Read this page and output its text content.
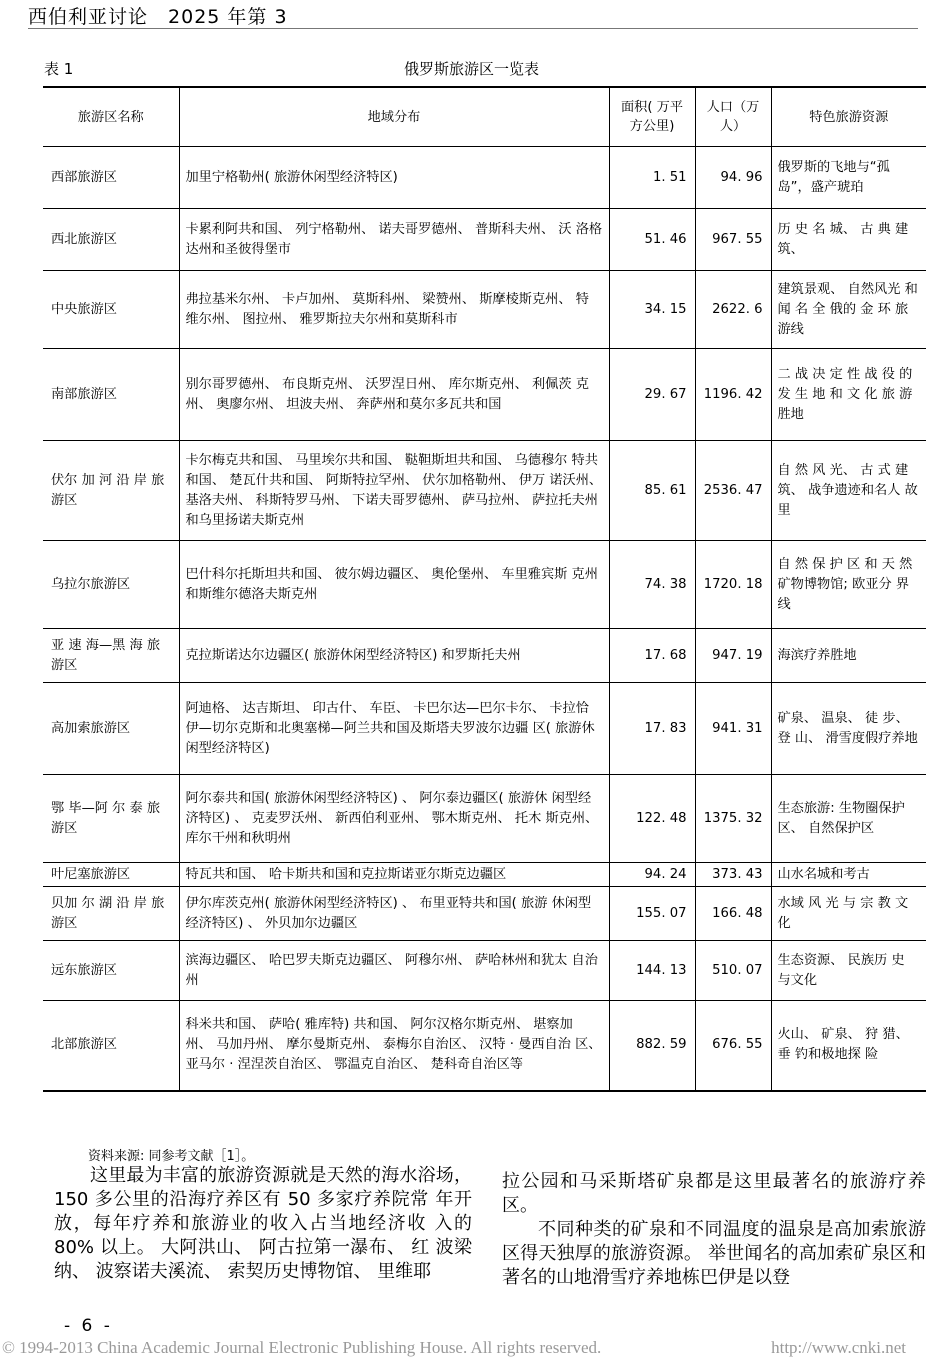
西伯利亚讨论 2025 年第 3
表 1	俄罗斯旅游区一览表
旅游区名称	地域分布	面积( 万平方公里)	人口（万人）	特色旅游资源
西部旅游区	加里宁格勒州( 旅游休闲型经济特区)	1. 51	94. 96	俄罗斯的飞地与“孤岛”，盛产琥珀
西北旅游区	卡累利阿共和国、 列宁格勒州、 诺夫哥罗德州、 普斯科夫州、 沃 洛格达州和圣彼得堡市	51. 46	967. 55	历 史 名 城、 古 典 建 筑、
中央旅游区	弗拉基米尔州、 卡卢加州、 莫斯科州、 梁赞州、 斯摩棱斯克州、 特 维尔州、 图拉州、 雅罗斯拉夫尔州和莫斯科市	34. 15	2622. 6	建筑景观、 自然风光 和 闻 名 全 俄的 金 环 旅游线
南部旅游区	别尔哥罗德州、 布良斯克州、 沃罗涅日州、 库尔斯克州、 利佩茨 克州、 奥廖尔州、 坦波夫州、 奔萨州和莫尔多瓦共和国	29. 67	1196. 42	二 战 决 定 性 战 役 的 发 生 地 和 文 化 旅 游 胜地
伏尔 加 河 沿 岸 旅 游区	卡尔梅克共和国、 马里埃尔共和国、 鞑靼斯坦共和国、 乌德穆尔 特共和国、 楚瓦什共和国、 阿斯特拉罕州、 伏尔加格勒州、 伊万 诺沃州、 基洛夫州、 科斯特罗马州、 下诺夫哥罗德州、 萨马拉州、 萨拉托夫州和乌里扬诺夫斯克州	85. 61	2536. 47	自 然 风 光、 古 式 建 筑、 战争遗迹和名人 故里
乌拉尔旅游区	巴什科尔托斯坦共和国、 彼尔姆边疆区、 奥伦堡州、 车里雅宾斯 克州和斯维尔德洛夫斯克州	74. 38	1720. 18	自 然 保 护 区 和 天 然 矿物博物馆; 欧亚分 界线
亚 速 海—黑 海 旅 游区	克拉斯诺达尔边疆区( 旅游休闲型经济特区) 和罗斯托夫州	17. 68	947. 19	海滨疗养胜地
高加索旅游区	阿迪格、 达吉斯坦、 印古什、 车臣、 卡巴尔达—巴尔卡尔、 卡拉恰 伊—切尔克斯和北奥塞梯—阿兰共和国及斯塔夫罗波尔边疆 区( 旅游休闲型经济特区)	17. 83	941. 31	矿泉、 温泉、 徒 步、 登 山、 滑雪度假疗养地
鄂 毕—阿 尔 泰 旅 游区	阿尔泰共和国( 旅游休闲型经济特区) 、 阿尔泰边疆区( 旅游休 闲型经济特区) 、 克麦罗沃州、 新西伯利亚州、 鄂木斯克州、 托木 斯克州、 库尔干州和秋明州	122. 48	1375. 32	生态旅游: 生物圈保护区、 自然保护区
叶尼塞旅游区	特瓦共和国、 哈卡斯共和国和克拉斯诺亚尔斯克边疆区	94. 24	373. 43	山水名城和考古
贝加 尔 湖 沿 岸 旅 游区	伊尔库茨克州( 旅游休闲型经济特区) 、 布里亚特共和国( 旅游 休闲型经济特区) 、 外贝加尔边疆区	155. 07	166. 48	水域 风 光 与 宗 教 文 化
远东旅游区	滨海边疆区、 哈巴罗夫斯克边疆区、 阿穆尔州、 萨哈林州和犹太 自治州	144. 13	510. 07	生态资源、 民族历 史 与文化
北部旅游区	科米共和国、 萨哈( 雅库特) 共和国、 阿尔汉格尔斯克州、 堪察加 州、 马加丹州、 摩尔曼斯克州、 泰梅尔自治区、 汉特 · 曼西自治 区、 亚马尔 · 涅涅茨自治区、 鄂温克自治区、 楚科奇自治区等	882. 59	676. 55	火山、 矿泉、 狩 猎、 垂 钓和极地探 险
资料来源: 同参考文献［1］。

这里最为丰富的旅游资源就是天然的海水浴场，150 多公里的沿海疗养区有 50 多家疗养院常 年开放，每年疗养和旅游业的收入占当地经济收 入的 80% 以上。 大阿洪山、 阿古拉第一瀑布、 红 波梁纳、 波察诺夫溪流、 索契历史博物馆、 里维耶

拉公园和马采斯塔矿泉都是这里最著名的旅游疗养区。

不同种类的矿泉和不同温度的温泉是高加索旅游区得天独厚的旅游资源。 举世闻名的高加索矿泉区和著名的山地滑雪疗养地栋巴伊是以登

- 6 -
© 1994-2013 China Academic Journal Electronic Publishing House. All rights reserved.	http://www.cnki.net
